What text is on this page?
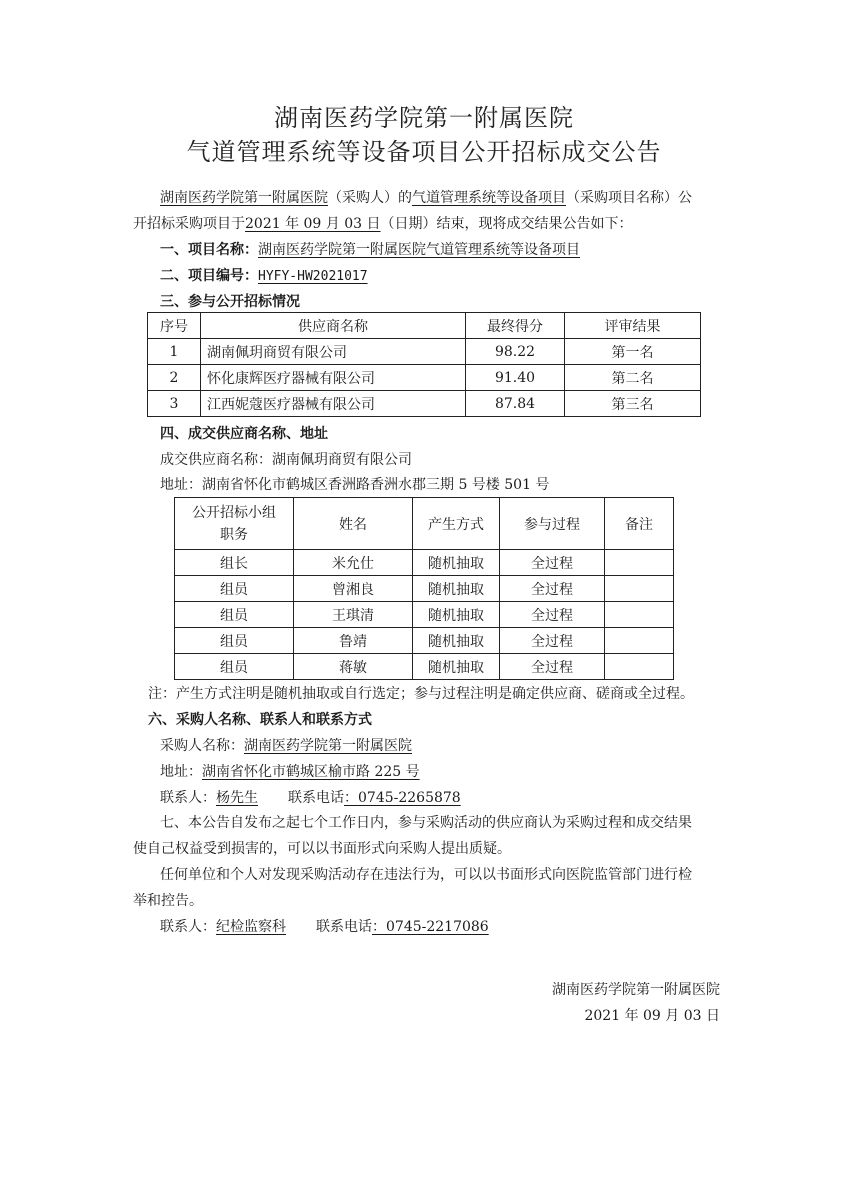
湖南医药学院第一附属医院
气道管理系统等设备项目公开招标成交公告
湖南医药学院第一附属医院（采购人）的气道管理系统等设备项目（采购项目名称）公
开招标采购项目于2021 年 09 月 03 日（日期）结束，现将成交结果公告如下：
一、项目名称：湖南医药学院第一附属医院气道管理系统等设备项目
二、项目编号：HYFY-HW2021017
三、参与公开招标情况
序号	供应商名称	最终得分	评审结果
1	湖南佩玥商贸有限公司	98.22	第一名
2	怀化康辉医疗器械有限公司	91.40	第二名
3	江西妮蔻医疗器械有限公司	87.84	第三名
四、成交供应商名称、地址
成交供应商名称：湖南佩玥商贸有限公司
地址：湖南省怀化市鹤城区香洲路香洲水郡三期 5 号楼 501 号
公开招标小组
职务	姓名	产生方式	参与过程	备注
组长	米允仕	随机抽取	全过程	
组员	曾湘良	随机抽取	全过程	
组员	王琪清	随机抽取	全过程	
组员	鲁靖	随机抽取	全过程	
组员	蒋敏	随机抽取	全过程	
注：产生方式注明是随机抽取或自行选定；参与过程注明是确定供应商、磋商或全过程。
六、采购人名称、联系人和联系方式
采购人名称：湖南医药学院第一附属医院
地址：湖南省怀化市鹤城区榆市路 225 号
联系人：杨先生 联系电话：0745-2265878
七、本公告自发布之起七个工作日内，参与采购活动的供应商认为采购过程和成交结果
使自己权益受到损害的，可以以书面形式向采购人提出质疑。
任何单位和个人对发现采购活动存在违法行为，可以以书面形式向医院监管部门进行检
举和控告。
联系人：纪检监察科 联系电话：0745-2217086
湖南医药学院第一附属医院
2021 年 09 月 03 日
